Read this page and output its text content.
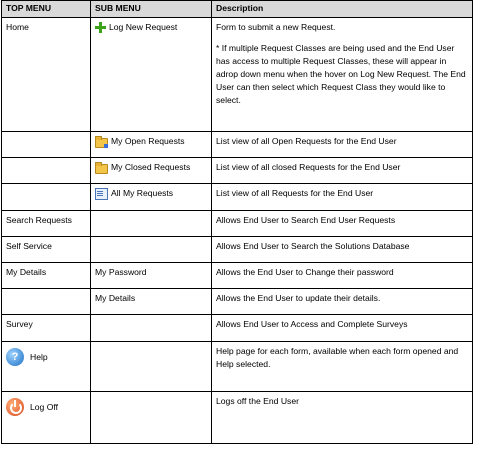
TOP MENU	SUB MENU	Description
Home	Log New Request	Form to submit a new Request.

* If multiple Request Classes are being used and the End User has access to multiple Request Classes, these will appear in adrop down menu when the hover on Log New Request. The End User can then select which Request Class they would like to select.

	My Open Requests	List view of all Open Requests for the End User

	My Closed Requests	List view of all closed Requests for the End User

	All My Requests	List view of all Requests for the End User
Search Requests		Allows End User to Search End User Requests
Self Service		Allows End User to Search the Solutions Database
My Details	My Password	Allows the End User to Change their password
	My Details	Allows the End User to update their details.
Survey		Allows End User to Access and Complete Surveys

? Help		Help page for each form, available when each form opened and Help selected.

Log Off		Logs off the End User
